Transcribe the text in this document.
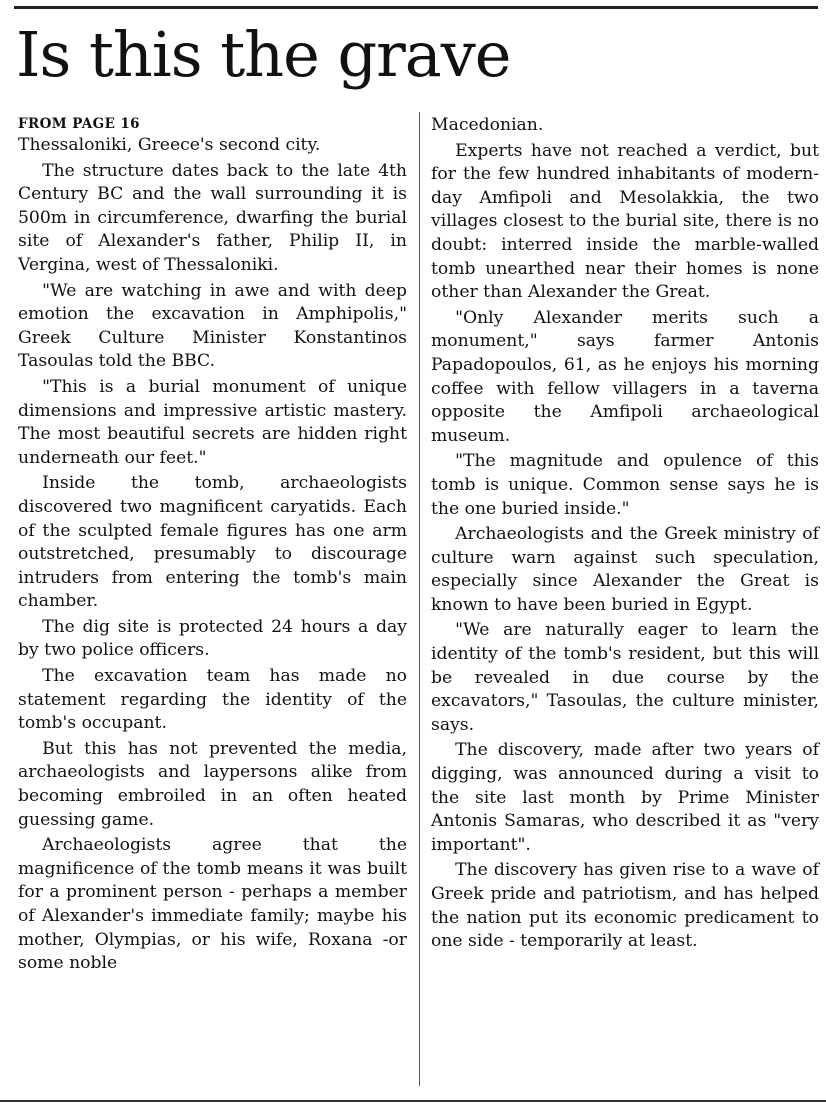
Is this the grave
FROM PAGE 16

Thessaloniki, Greece's second city.

The structure dates back to the late 4th Century BC and the wall surrounding it is 500m in circumference, dwarfing the burial site of Alexander's father, Philip II, in Vergina, west of Thessaloniki.

"We are watching in awe and with deep emotion the excavation in Amphipolis," Greek Culture Minister Konstantinos Tasoulas told the BBC.

"This is a burial monument of unique dimensions and impressive artistic mastery. The most beautiful secrets are hidden right underneath our feet."

Inside the tomb, archaeologists discovered two magnificent caryatids. Each of the sculpted female figures has one arm outstretched, presumably to discourage intruders from entering the tomb's main chamber.

The dig site is protected 24 hours a day by two police officers.

The excavation team has made no statement regarding the identity of the tomb's occupant.

But this has not prevented the media, archaeologists and laypersons alike from becoming embroiled in an often heated guessing game.

Archaeologists agree that the magnificence of the tomb means it was built for a prominent person - perhaps a member of Alexander's immediate family; maybe his mother, Olympias, or his wife, Roxana -or some noble

Macedonian.

Experts have not reached a verdict, but for the few hundred inhabitants of modern-day Amfipoli and Mesolakkia, the two villages closest to the burial site, there is no doubt: interred inside the marble-walled tomb unearthed near their homes is none other than Alexander the Great.

"Only Alexander merits such a monument," says farmer Antonis Papadopoulos, 61, as he enjoys his morning coffee with fellow villagers in a taverna opposite the Amfipoli archaeological museum.

"The magnitude and opulence of this tomb is unique. Common sense says he is the one buried inside."

Archaeologists and the Greek ministry of culture warn against such speculation, especially since Alexander the Great is known to have been buried in Egypt.

"We are naturally eager to learn the identity of the tomb's resident, but this will be revealed in due course by the excavators," Tasoulas, the culture minister, says.

The discovery, made after two years of digging, was announced during a visit to the site last month by Prime Minister Antonis Samaras, who described it as "very important".

The discovery has given rise to a wave of Greek pride and patriotism, and has helped the nation put its economic predicament to one side - temporarily at least.
